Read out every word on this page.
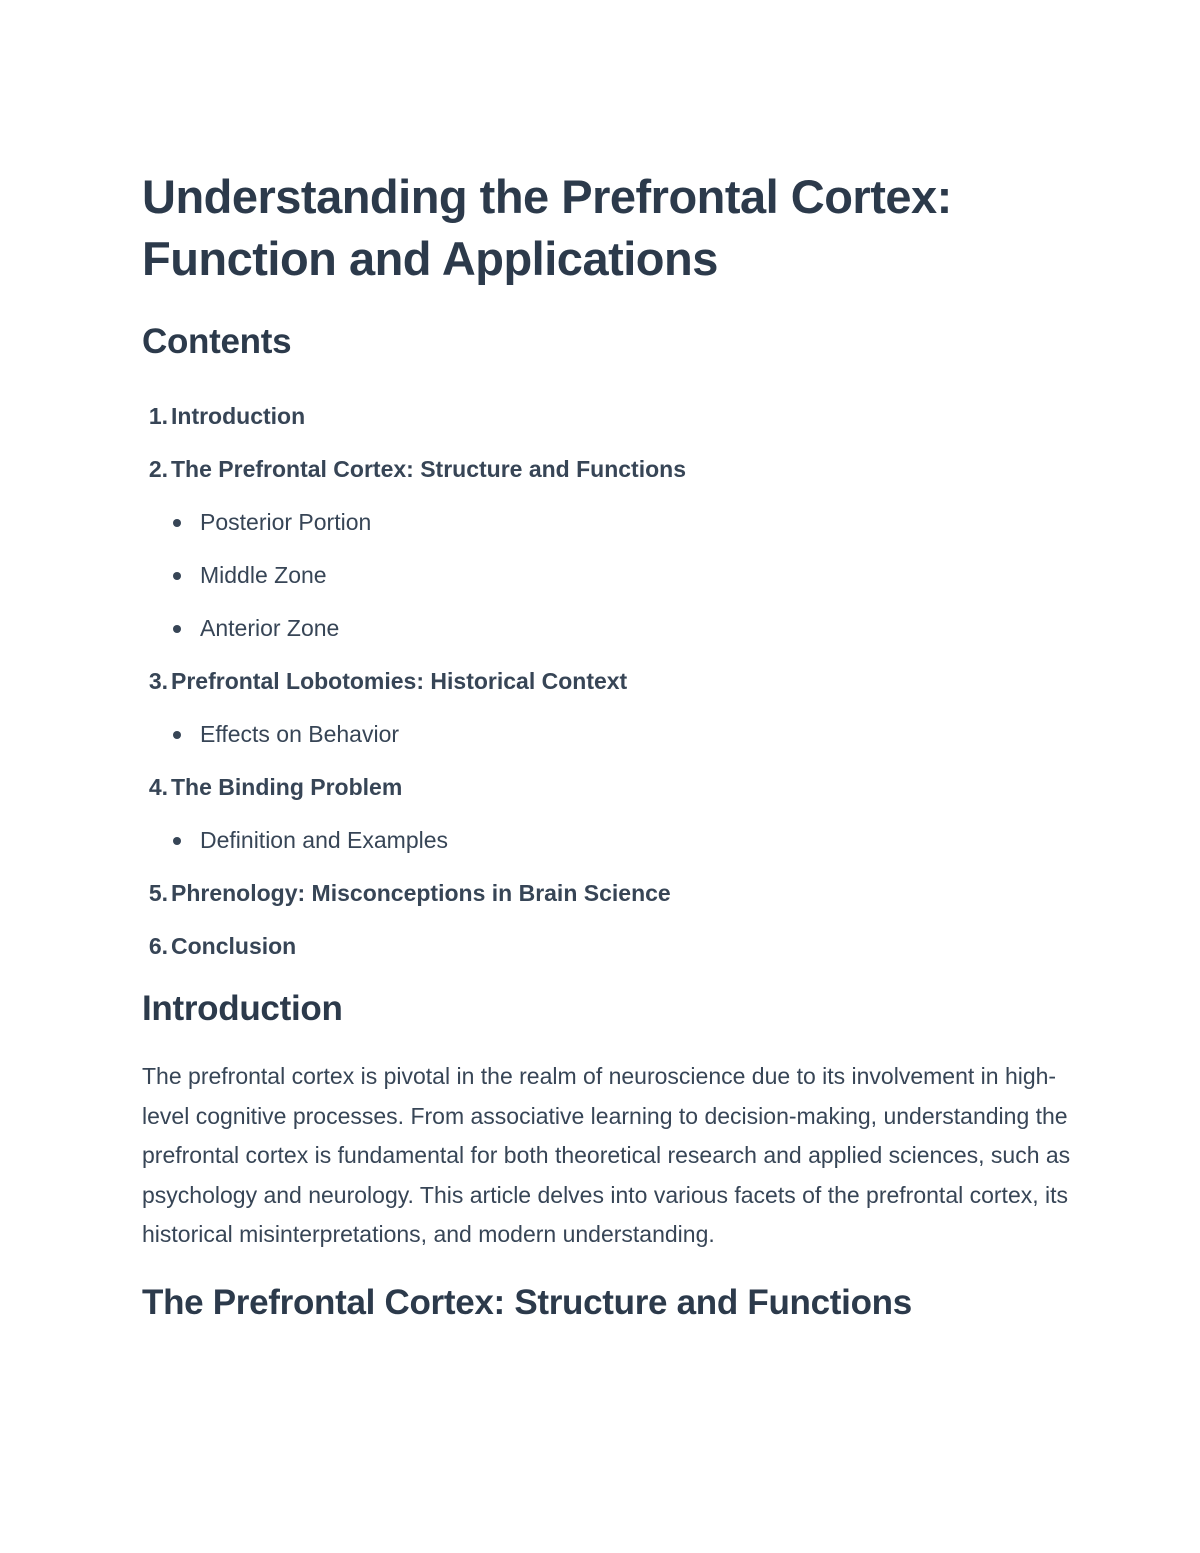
Understanding the Prefrontal Cortex:
Function and Applications
Contents
1. Introduction
2. The Prefrontal Cortex: Structure and Functions
Posterior Portion
Middle Zone
Anterior Zone
3. Prefrontal Lobotomies: Historical Context
Effects on Behavior
4. The Binding Problem
Definition and Examples
5. Phrenology: Misconceptions in Brain Science
6. Conclusion
Introduction

The prefrontal cortex is pivotal in the realm of neuroscience due to its involvement in high-level cognitive processes. From associative learning to decision-making, understanding the prefrontal cortex is fundamental for both theoretical research and applied sciences, such as psychology and neurology. This article delves into various facets of the prefrontal cortex, its historical misinterpretations, and modern understanding.

The Prefrontal Cortex: Structure and Functions
